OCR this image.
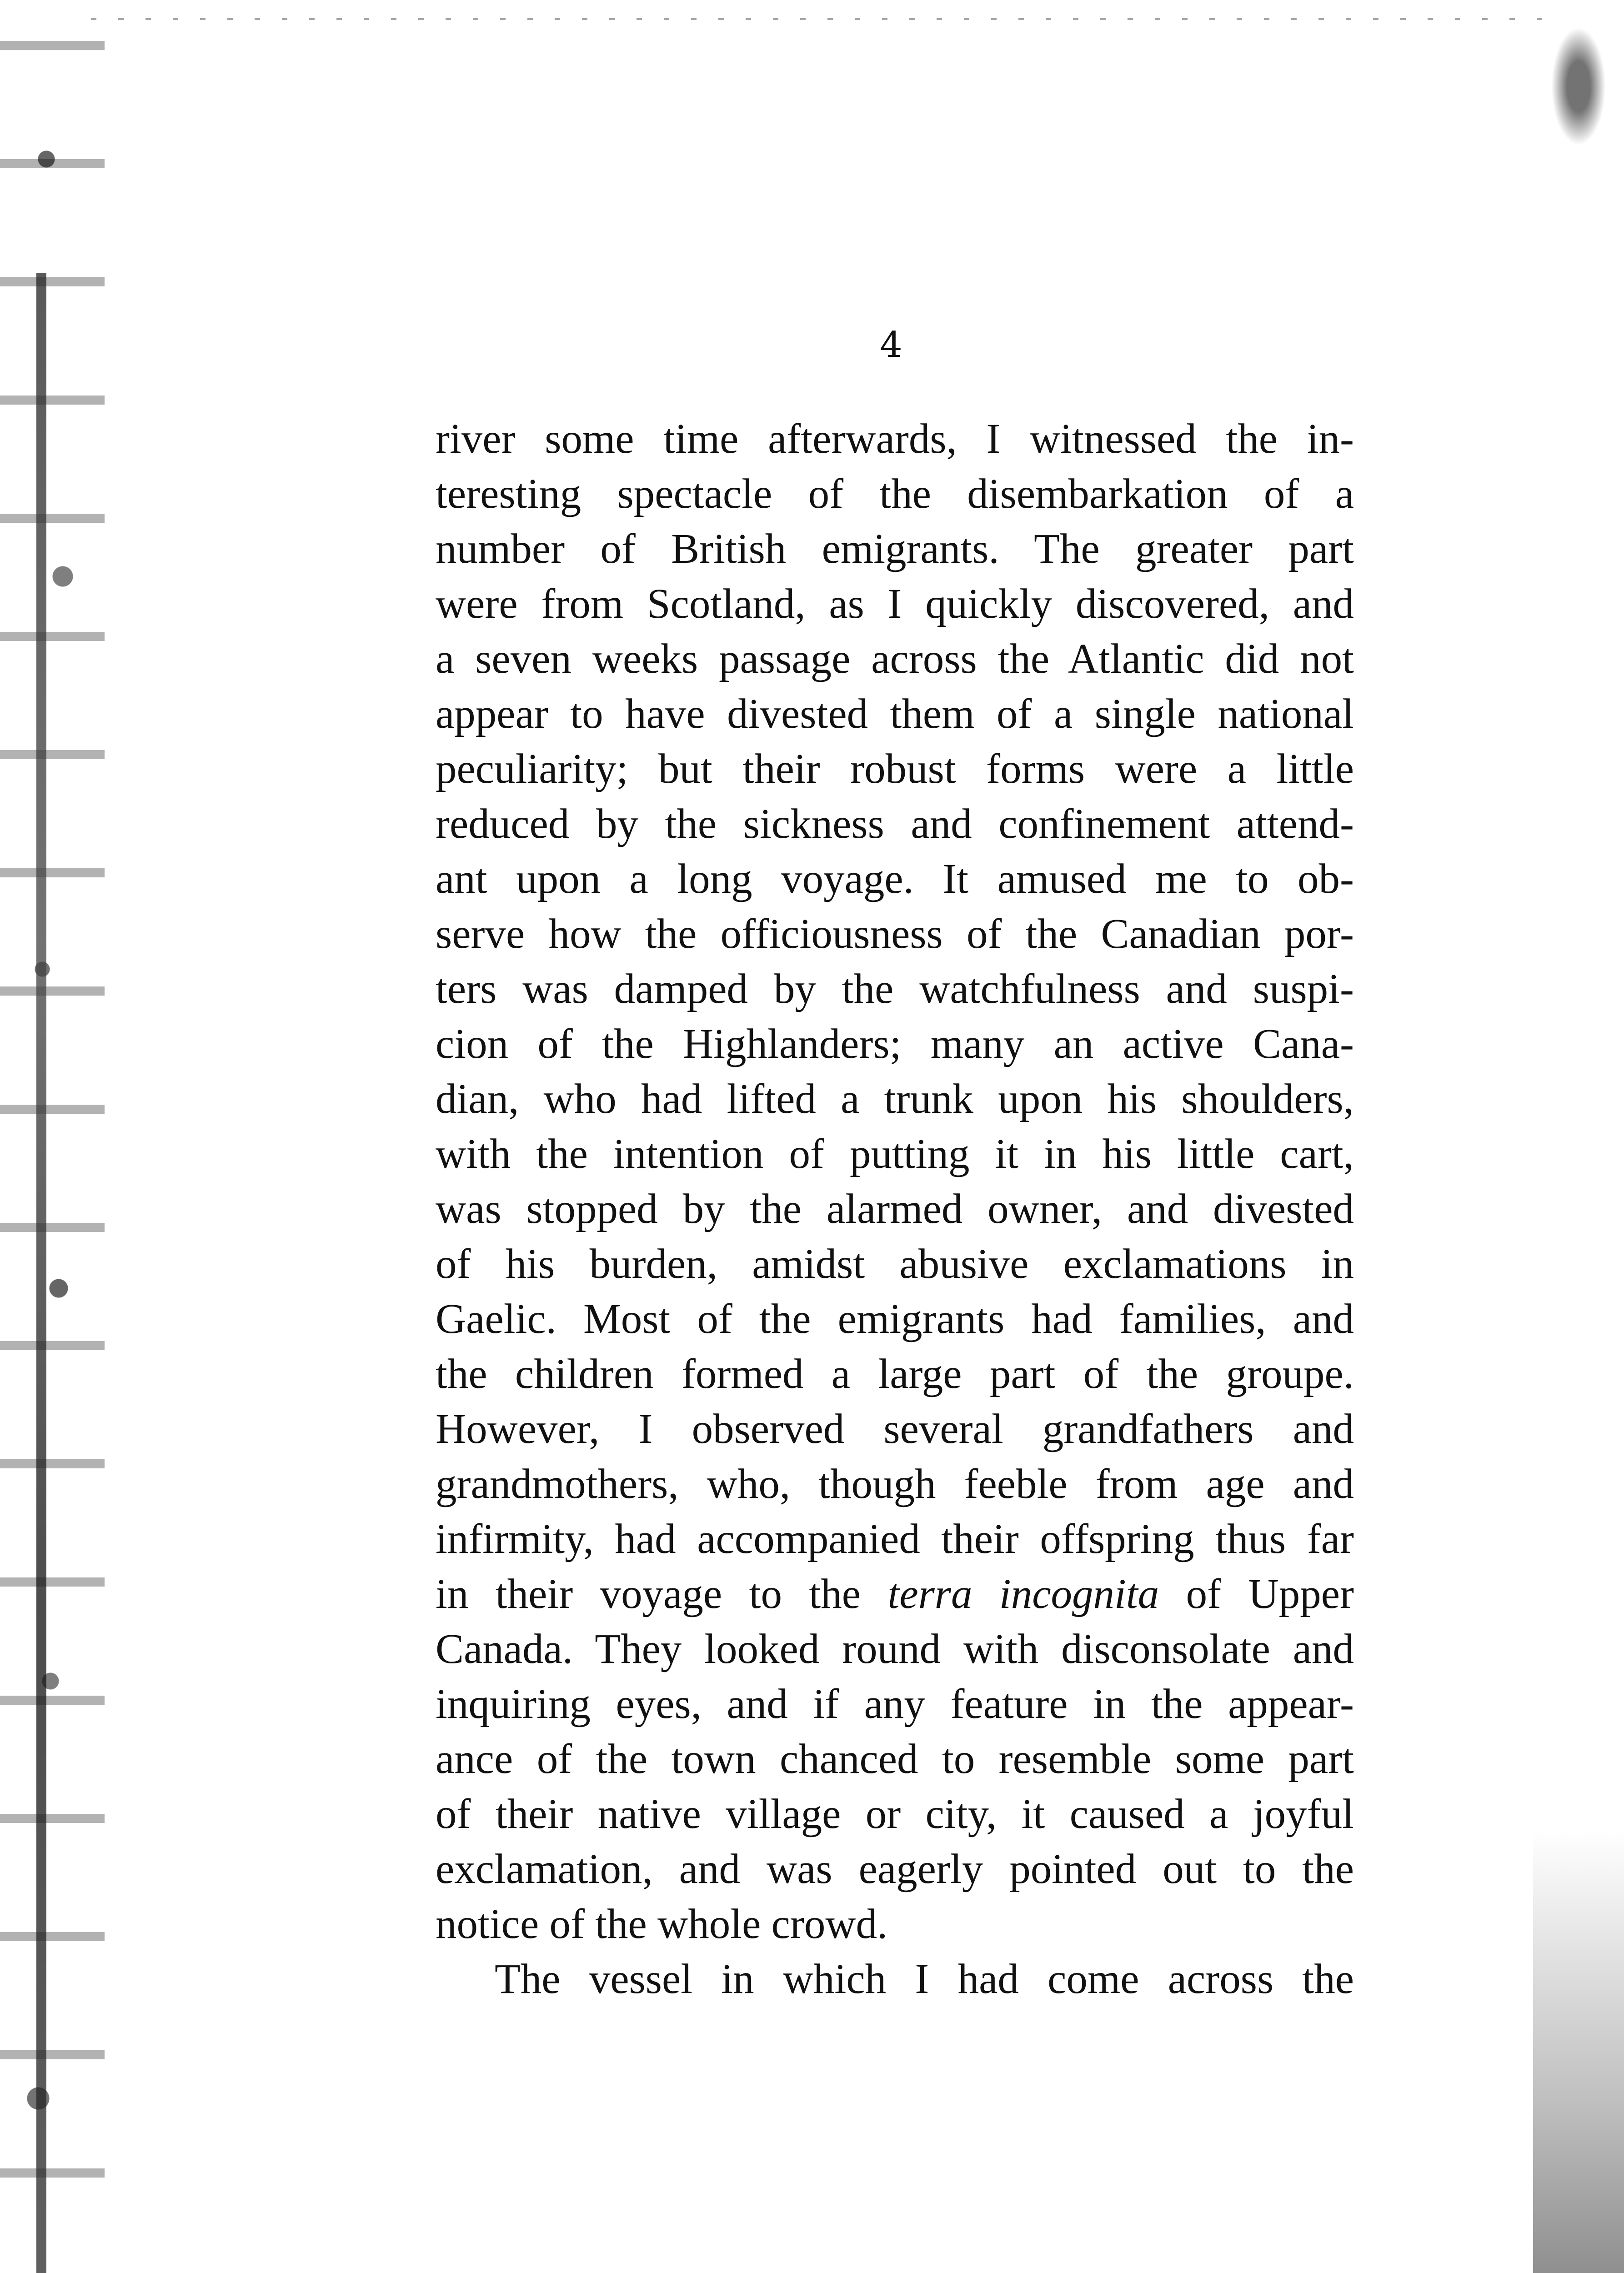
4
river some time afterwards, I witnessed the in-
teresting spectacle of the disembarkation of a
number of British emigrants. The greater part
were from Scotland, as I quickly discovered, and
a seven weeks passage across the Atlantic did not
appear to have divested them of a single national
peculiarity; but their robust forms were a little
reduced by the sickness and confinement attend-
ant upon a long voyage. It amused me to ob-
serve how the officiousness of the Canadian por-
ters was damped by the watchfulness and suspi-
cion of the Highlanders; many an active Cana-
dian, who had lifted a trunk upon his shoulders,
with the intention of putting it in his little cart,
was stopped by the alarmed owner, and divested
of his burden, amidst abusive exclamations in
Gaelic. Most of the emigrants had families, and
the children formed a large part of the groupe.
However, I observed several grandfathers and
grandmothers, who, though feeble from age and
infirmity, had accompanied their offspring thus far
in their voyage to the terra incognita of Upper
Canada. They looked round with disconsolate and
inquiring eyes, and if any feature in the appear-
ance of the town chanced to resemble some part
of their native village or city, it caused a joyful
exclamation, and was eagerly pointed out to the
notice of the whole crowd.
The vessel in which I had come across the
